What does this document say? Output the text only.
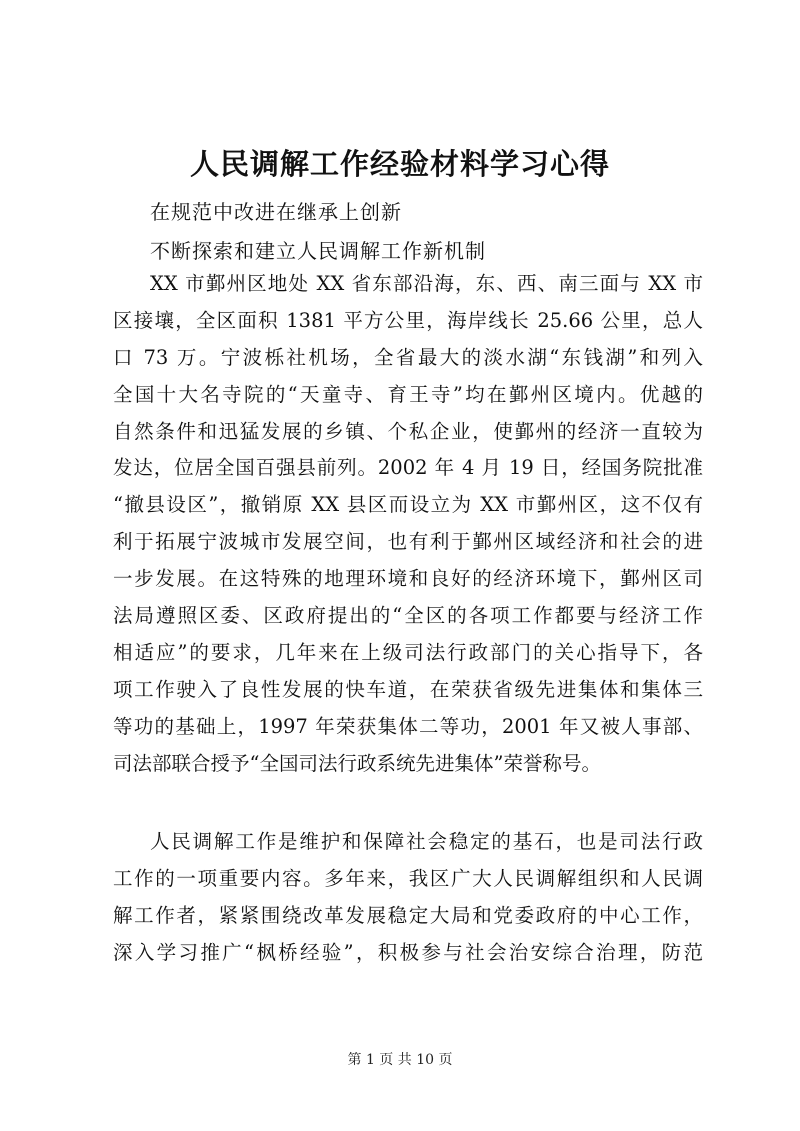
人民调解工作经验材料学习心得

在规范中改进在继承上创新

不断探索和建立人民调解工作新机制

XX 市鄞州区地处 XX 省东部沿海，东、西、南三面与 XX 市
区接壤，全区面积 1381 平方公里，海岸线长 25.66 公里，总人
口 73 万。宁波栎社机场，全省最大的淡水湖“东钱湖”和列入
全国十大名寺院的“天童寺、育王寺”均在鄞州区境内。优越的
自然条件和迅猛发展的乡镇、个私企业，使鄞州的经济一直较为
发达，位居全国百强县前列。2002 年 4 月 19 日，经国务院批准
“撤县设区”，撤销原 XX 县区而设立为 XX 市鄞州区，这不仅有
利于拓展宁波城市发展空间，也有利于鄞州区域经济和社会的进
一步发展。在这特殊的地理环境和良好的经济环境下，鄞州区司
法局遵照区委、区政府提出的“全区的各项工作都要与经济工作
相适应”的要求，几年来在上级司法行政部门的关心指导下，各
项工作驶入了良性发展的快车道，在荣获省级先进集体和集体三
等功的基础上，1997 年荣获集体二等功，2001 年又被人事部、
司法部联合授予“全国司法行政系统先进集体”荣誉称号。
人民调解工作是维护和保障社会稳定的基石，也是司法行政
工作的一项重要内容。多年来，我区广大人民调解组织和人民调
解工作者，紧紧围绕改革发展稳定大局和党委政府的中心工作，
深入学习推广“枫桥经验”，积极参与社会治安综合治理，防范

第 1 页 共 10 页
